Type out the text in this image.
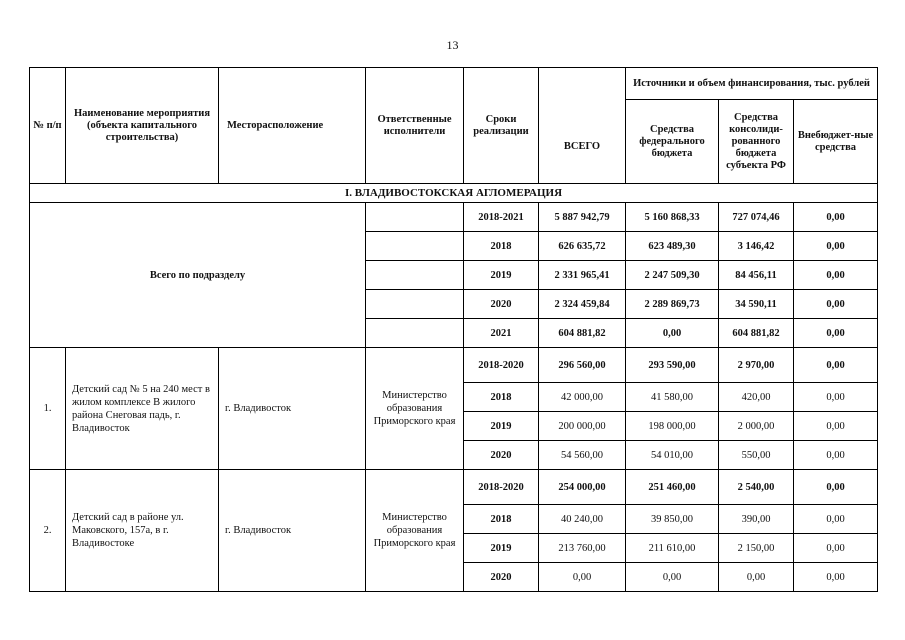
13
№ п/п	Наименование мероприятия (объекта капитального строительства)	Месторасположение	Ответственные исполнители	Сроки реализации	ВСЕГО	Источники и объем финансирования, тыс. рублей		
						Средства федерального бюджета	Средства консолиди-рованного бюджета субъекта РФ	Внебюджет-ные средства
I. ВЛАДИВОСТОКСКАЯ АГЛОМЕРАЦИЯ								
Всего по подразделу				2018-2021	5 887 942,79	5 160 868,33	727 074,46	0,00
				2018	626 635,72	623 489,30	3 146,42	0,00
				2019	2 331 965,41	2 247 509,30	84 456,11	0,00
				2020	2 324 459,84	2 289 869,73	34 590,11	0,00
				2021	604 881,82	0,00	604 881,82	0,00
1.	Детский сад № 5 на 240 мест в жилом комплексе В жилого района Снеговая падь, г. Владивосток	г. Владивосток	Министерство образования Приморского края	2018-2020	296 560,00	293 590,00	2 970,00	0,00
				2018	42 000,00	41 580,00	420,00	0,00
				2019	200 000,00	198 000,00	2 000,00	0,00
				2020	54 560,00	54 010,00	550,00	0,00
2.	Детский сад в районе ул. Маковского, 157а, в г. Владивостоке	г. Владивосток	Министерство образования Приморского края	2018-2020	254 000,00	251 460,00	2 540,00	0,00
				2018	40 240,00	39 850,00	390,00	0,00
				2019	213 760,00	211 610,00	2 150,00	0,00
				2020	0,00	0,00	0,00	0,00
